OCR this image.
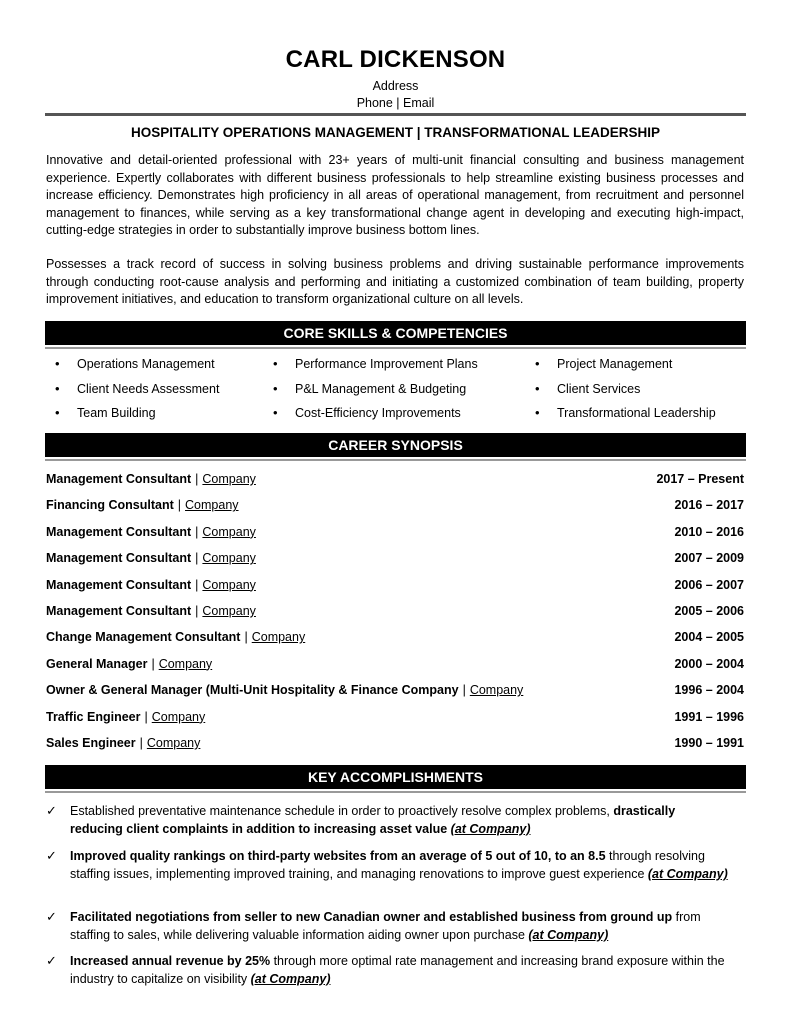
CARL DICKENSON
Address
Phone | Email
HOSPITALITY OPERATIONS MANAGEMENT | TRANSFORMATIONAL LEADERSHIP

Innovative and detail-oriented professional with 23+ years of multi-unit financial consulting and business management experience. Expertly collaborates with different business professionals to help streamline existing business processes and increase efficiency. Demonstrates high proficiency in all areas of operational management, from recruitment and personnel management to finances, while serving as a key transformational change agent in developing and executing high-impact, cutting-edge strategies in order to substantially improve business bottom lines.

Possesses a track record of success in solving business problems and driving sustainable performance improvements through conducting root-cause analysis and performing and initiating a customized combination of team building, property improvement initiatives, and education to transform organizational culture on all levels.

CORE SKILLS & COMPETENCIES
• Operations Management
• Client Needs Assessment
• Team Building
• Performance Improvement Plans
• P&L Management & Budgeting
• Cost-Efficiency Improvements
• Project Management
• Client Services
• Transformational Leadership
CAREER SYNOPSIS
Management Consultant | Company	2017 – Present
Financing Consultant | Company	2016 – 2017
Management Consultant | Company	2010 – 2016
Management Consultant | Company	2007 – 2009
Management Consultant | Company	2006 – 2007
Management Consultant | Company	2005 – 2006
Change Management Consultant | Company	2004 – 2005
General Manager | Company	2000 – 2004
Owner & General Manager (Multi-Unit Hospitality & Finance Company | Company	1996 – 2004
Traffic Engineer | Company	1991 – 1996
Sales Engineer | Company	1990 – 1991
KEY ACCOMPLISHMENTS
✓ Established preventative maintenance schedule in order to proactively resolve complex problems, drastically reducing client complaints in addition to increasing asset value (at Company)
✓ Improved quality rankings on third-party websites from an average of 5 out of 10, to an 8.5 through resolving staffing issues, implementing improved training, and managing renovations to improve guest experience (at Company)
✓ Facilitated negotiations from seller to new Canadian owner and established business from ground up from staffing to sales, while delivering valuable information aiding owner upon purchase (at Company)
✓ Increased annual revenue by 25% through more optimal rate management and increasing brand exposure within the industry to capitalize on visibility (at Company)
